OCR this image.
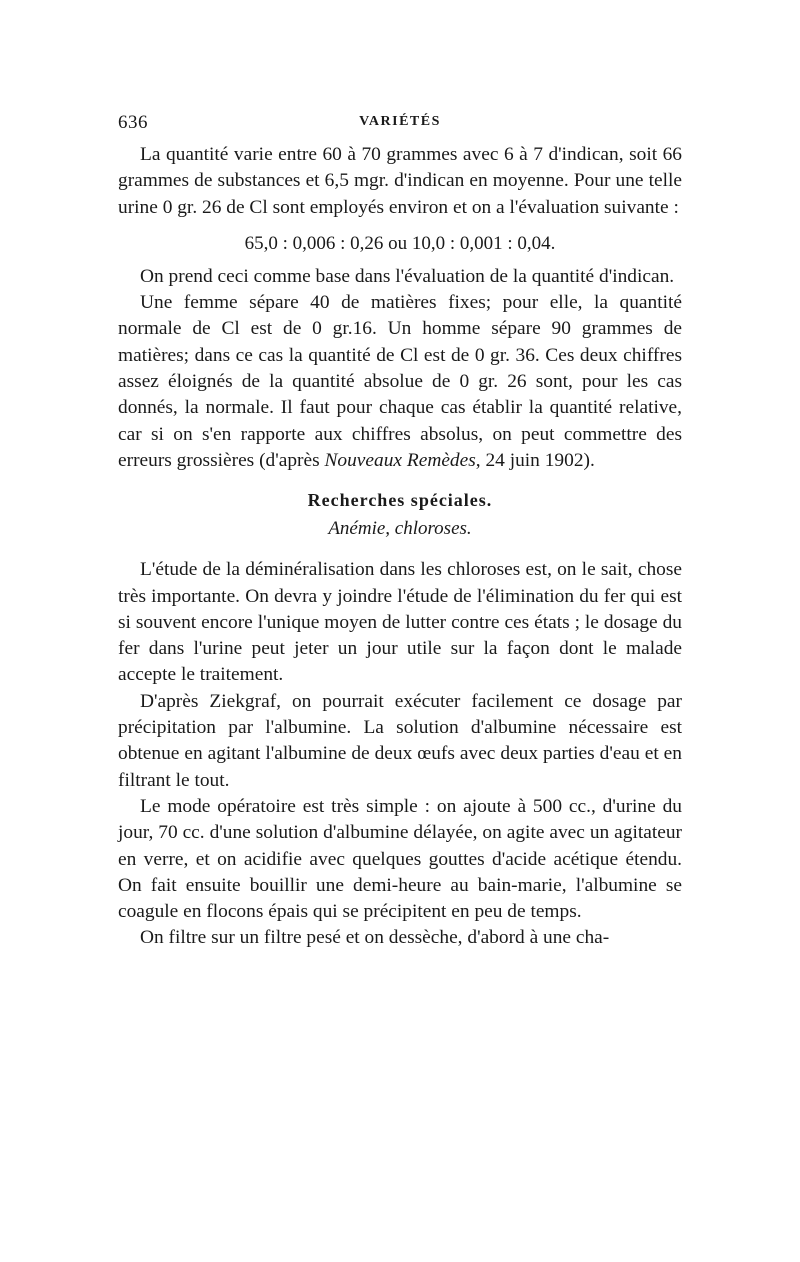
636	VARIÉTÉS

La quantité varie entre 60 à 70 grammes avec 6 à 7 d'indican, soit 66 grammes de substances et 6,5 mgr. d'indican en moyenne. Pour une telle urine 0 gr. 26 de Cl sont employés environ et on a l'évaluation suivante :

65,0 : 0,006 : 0,26 ou 10,0 : 0,001 : 0,04.

On prend ceci comme base dans l'évaluation de la quantité d'indican.

Une femme sépare 40 de matières fixes; pour elle, la quantité normale de Cl est de 0 gr.16. Un homme sépare 90 grammes de matières; dans ce cas la quantité de Cl est de 0 gr. 36. Ces deux chiffres assez éloignés de la quantité absolue de 0 gr. 26 sont, pour les cas donnés, la normale. Il faut pour chaque cas établir la quantité relative, car si on s'en rapporte aux chiffres absolus, on peut commettre des erreurs grossières (d'après Nouveaux Remèdes, 24 juin 1902).

Recherches spéciales.
Anémie, chloroses.

L'étude de la déminéralisation dans les chloroses est, on le sait, chose très importante. On devra y joindre l'étude de l'élimination du fer qui est si souvent encore l'unique moyen de lutter contre ces états ; le dosage du fer dans l'urine peut jeter un jour utile sur la façon dont le malade accepte le traitement.

D'après Ziekgraf, on pourrait exécuter facilement ce dosage par précipitation par l'albumine. La solution d'albumine nécessaire est obtenue en agitant l'albumine de deux œufs avec deux parties d'eau et en filtrant le tout.

Le mode opératoire est très simple : on ajoute à 500 cc., d'urine du jour, 70 cc. d'une solution d'albumine délayée, on agite avec un agitateur en verre, et on acidifie avec quelques gouttes d'acide acétique étendu. On fait ensuite bouillir une demi-heure au bain-marie, l'albumine se coagule en flocons épais qui se précipitent en peu de temps.

On filtre sur un filtre pesé et on dessèche, d'abord à une cha-
